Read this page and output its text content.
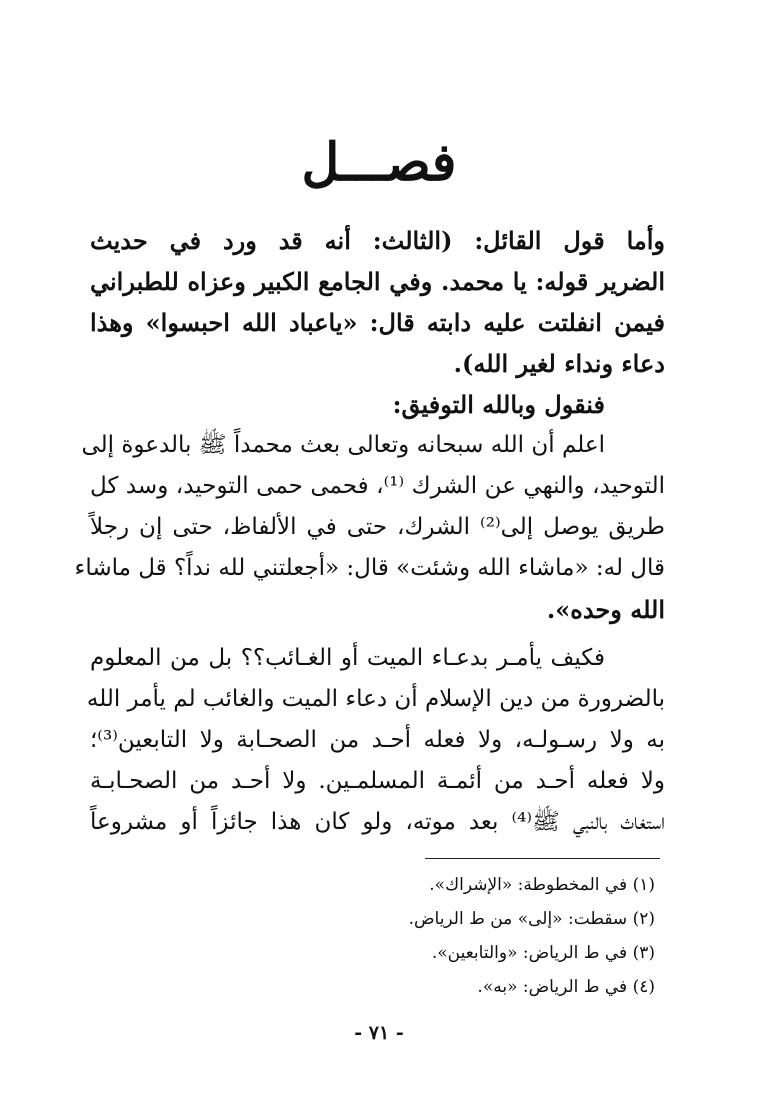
فصـــل
وأما قول القائل: (الثالث: أنه قد ورد في حديث
الضرير قوله: يا محمد. وفي الجامع الكبير وعزاه للطبراني
فيمن انفلتت عليه دابته قال: «ياعباد الله احبسوا» وهذا
دعاء ونداء لغير الله).
فنقول وبالله التوفيق:
اعلم أن الله سبحانه وتعالى بعث محمداً ﷺ بالدعوة إلى
التوحيد، والنهي عن الشرك ⁽¹⁾، فحمى حمى التوحيد، وسد كل
طريق يوصل إلى⁽²⁾ الشرك، حتى في الألفاظ، حتى إن رجلاً
قال له: «ماشاء الله وشئت» قال: «أجعلتني لله نداً؟ قل ماشاء
الله وحده».
فكيف يأمـر بدعـاء الميت أو الغـائب؟؟ بل من المعلوم
بالضرورة من دين الإسلام أن دعاء الميت والغائب لم يأمر الله
به ولا رسـولـه، ولا فعله أحـد من الصحـابة ولا التابعين⁽³⁾؛
ولا فعله أحـد من أئمـة المسلمـين. ولا أحـد من الصحـابـة
استغاث بالنبي ﷺ⁽⁴⁾ بعد موته، ولو كان هذا جائزاً أو مشروعاً
(١) في المخطوطة: «الإشراك».
(٢) سقطت: «إلى» من ط الرياض.
(٣) في ط الرياض: «والتابعين».
(٤) في ط الرياض: «به».
- ٧١ -
